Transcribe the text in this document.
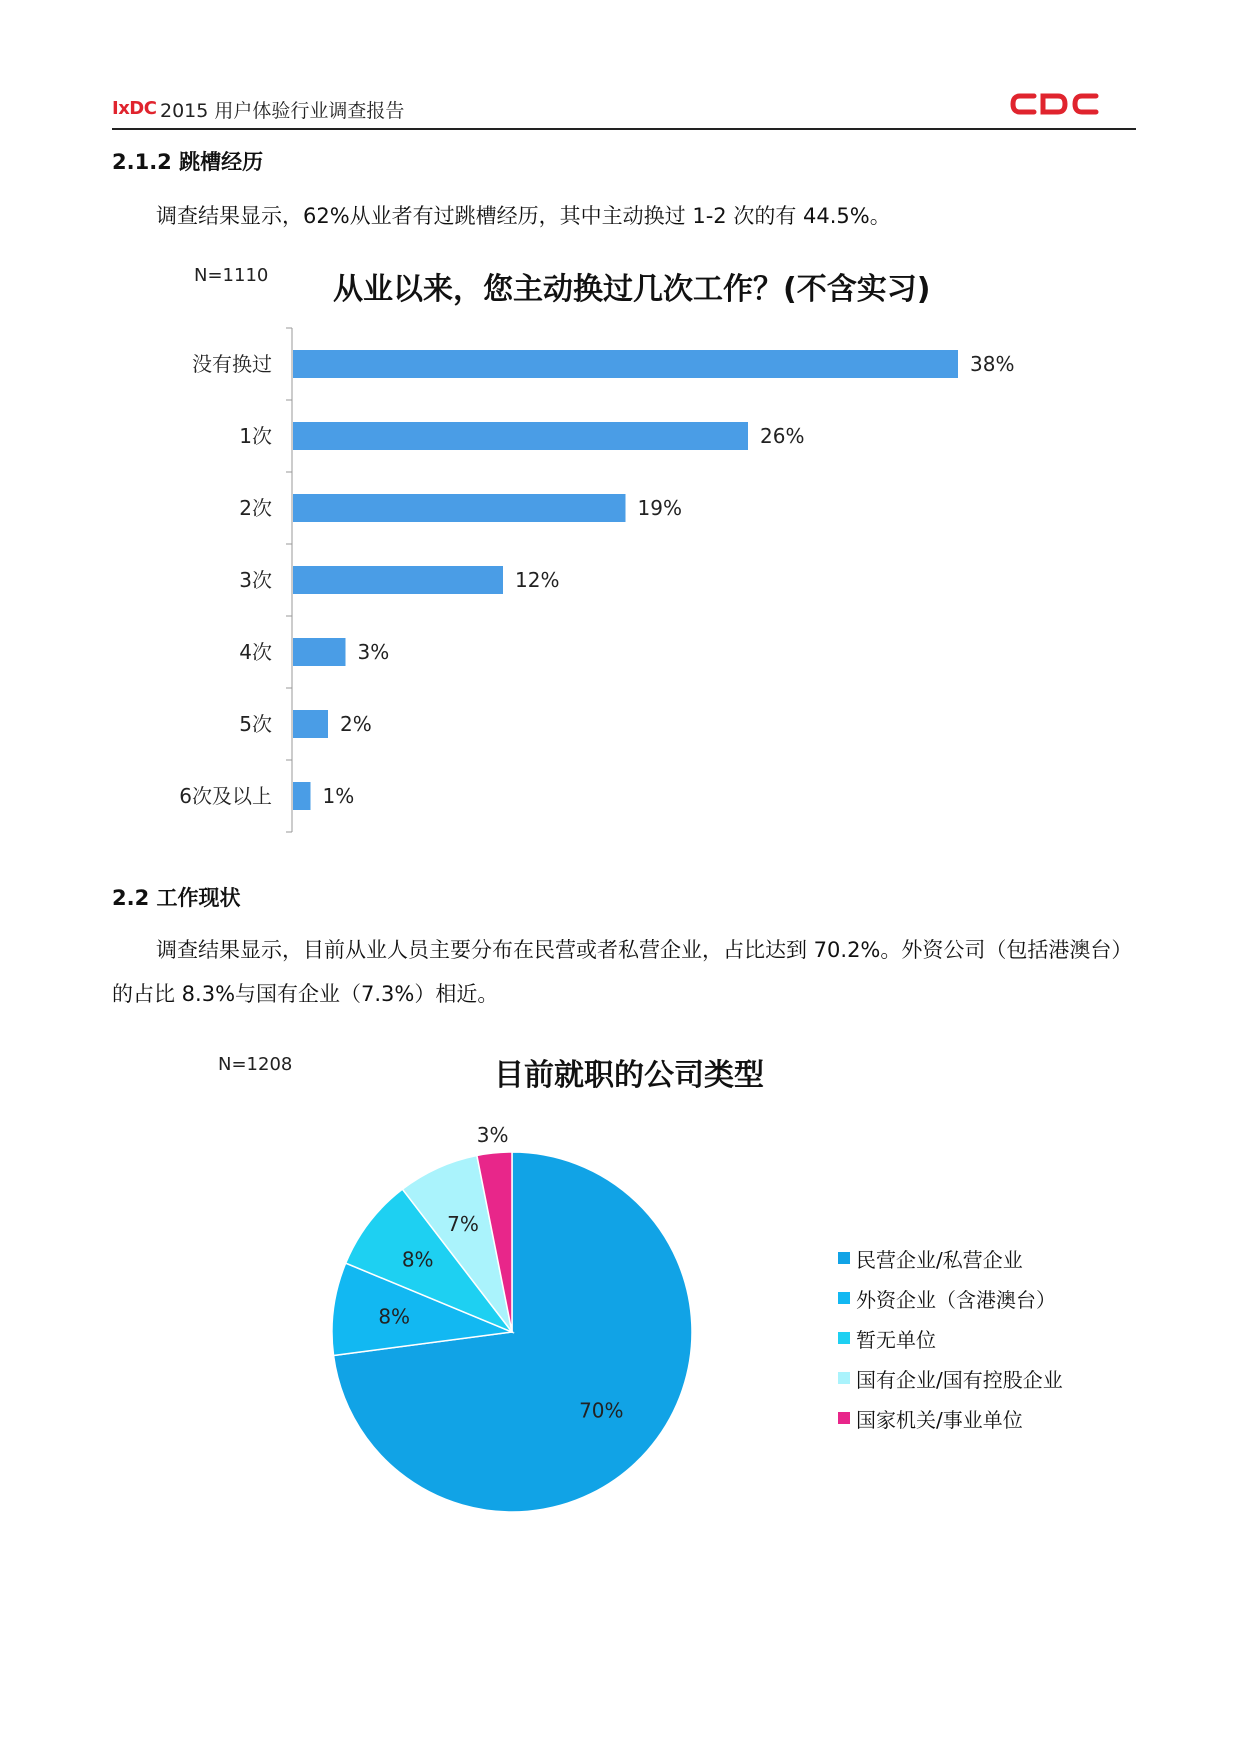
IxDC 2015 用户体验行业调查报告
2.1.2 跳槽经历
调查结果显示，62%从业者有过跳槽经历，其中主动换过 1-2 次的有 44.5%。
N=1110 从业以来，您主动换过几次工作？(不含实习)
没有换过	38%
1次	26%
2次	19%
3次	12%
4次	3%
5次	2%
6次及以上	1%
2.2 工作现状
调查结果显示，目前从业人员主要分布在民营或者私营企业，占比达到 70.2%。外资公司（包括港澳台）的占比 8.3%与国有企业（7.3%）相近。
N=1208	目前就职的公司类型
70%
8%
8%
7%
3%
民营企业/私营企业
外资企业（含港澳台）
暂无单位
国有企业/国有控股企业
国家机关/事业单位
